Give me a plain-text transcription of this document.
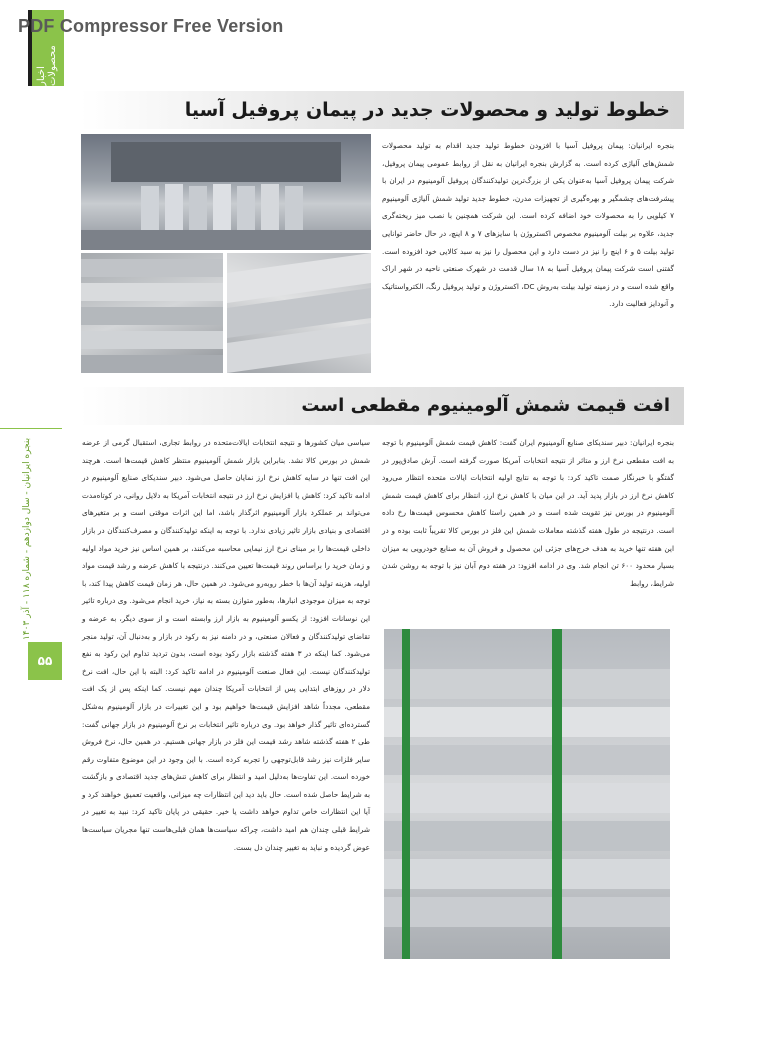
PDF Compressor Free Version
اخبار محصولات
خطوط تولید و محصولات جدید در پیمان پروفیل آسیا
بنجره ایرانیان: پیمان پروفیل آسیا با افزودن خطوط تولید جدید اقدام به تولید محصولات شمش‌های آلیاژی کرده است. به گزارش بنجره ایرانیان به نقل از روابط عمومی پیمان پروفیل، شرکت پیمان پروفیل آسیا به‌عنوان یکی از بزرگ‌ترین تولیدکنندگان پروفیل آلومینیوم در ایران با پیشرفت‌های چشمگیر و بهره‌گیری از تجهیزات مدرن، خطوط جدید تولید شمش آلیاژی آلومینیوم ۷ کیلویی را به محصولات خود اضافه کرده است. این شرکت همچنین با نصب میز ریخته‌گری جدید، علاوه بر بیلت آلومینیوم مخصوص اکستروژن با سایزهای ۷ و ۸ اینچ، در حال حاضر توانایی تولید بیلت ۵ و ۶ اینچ را نیز در دست دارد و این محصول را نیز به سبد کالایی خود افزوده است. گفتنی است شرکت پیمان پروفیل آسیا به ۱۸ سال قدمت در شهرک صنعتی ناحیه در شهر اراک واقع شده است و در زمینه تولید بیلت به‌روش DC، اکستروژن و تولید پروفیل رنگ، الکترواستاتیک و آنودایز فعالیت دارد.
افت قیمت شمش آلومینیوم مقطعی است
بنجره ایرانیان: دبیر سندیکای صنایع آلومینیوم ایران گفت: کاهش قیمت شمش آلومینیوم با توجه به افت مقطعی نرخ ارز و متاثر از نتیجه انتخابات آمریکا صورت گرفته است. آرش صادق‌پور در گفتگو با خبرنگار صمت تاکید کرد: با توجه به نتایج اولیه انتخابات ایالات متحده انتظار می‌رود کاهش نرخ ارز در بازار پدید آید. در این میان با کاهش نرخ ارز، انتظار برای کاهش قیمت شمش آلومینیوم در بورس نیز تقویت شده است و در همین راستا کاهش محسوس قیمت‌ها رخ داده است. درنتیجه در طول هفته گذشته معاملات شمش این فلز در بورس کالا تقریباً ثابت بوده و در این هفته تنها خرید به هدف خرج‌های جزئی این محصول و فروش آن به صنایع خودرویی به میزان بسیار محدود ۶۰۰ تن انجام شد. وی در ادامه افزود: در هفته دوم آبان نیز با توجه به روشن شدن شرایط، روابط
سیاسی میان کشورها و نتیجه انتخابات ایالات‌متحده در روابط تجاری، استقبال گرمی از عرضه شمش در بورس کالا نشد. بنابراین بازار شمش آلومینیوم منتظر کاهش قیمت‌ها است. هرچند این افت تنها در سایه کاهش نرخ ارز نمایان حاصل می‌شود. دبیر سندیکای صنایع آلومینیوم در ادامه تاکید کرد: کاهش یا افزایش نرخ ارز در نتیجه انتخابات آمریکا به دلایل روانی، در کوتاه‌مدت می‌تواند بر عملکرد بازار آلومینیوم اثرگذار باشد، اما این اثرات موقتی است و بر متغیرهای اقتصادی و بنیادی بازار تاثیر زیادی ندارد. با توجه به اینکه تولیدکنندگان و مصرف‌کنندگان در بازار داخلی قیمت‌ها را بر مبنای نرخ ارز نیمایی محاسبه می‌کنند، بر همین اساس نیز خرید مواد اولیه و زمان خرید را براساس روند قیمت‌ها تعیین می‌کنند. درنتیجه با کاهش عرضه و رشد قیمت مواد اولیه، هزینه تولید آن‌ها با خطر روبه‌رو می‌شود. در همین حال، هر زمان قیمت کاهش پیدا کند، با توجه به میزان موجودی انبارها، به‌طور متوازن بسته به نیاز، خرید انجام می‌شود. وی درباره تاثیر این نوسانات افزود: از یکسو آلومینیوم به بازار ارز وابسته است و از سوی دیگر، به عرضه و تقاضای تولیدکنندگان و فعالان صنعتی، و در دامنه نیز به رکود در بازار و به‌دنبال آن، تولید منجر می‌شود. کما اینکه در ۳ هفته گذشته بازار رکود بوده است، بدون تردید تداوم این رکود به نفع تولیدکنندگان نیست. این فعال صنعت آلومینیوم در ادامه تاکید کرد: البته با این حال، افت نرخ دلار در روزهای ابتدایی پس از انتخابات آمریکا چندان مهم نیست. کما اینکه پس از یک افت مقطعی، مجدداً شاهد افزایش قیمت‌ها خواهیم بود و این تغییرات در بازار آلومینیوم به‌شکل گسترده‌ای تاثیر گذار خواهد بود. وی درباره تاثیر انتخابات بر نرخ آلومینیوم در بازار جهانی گفت: طی ۲ هفته گذشته شاهد رشد قیمت این فلز در بازار جهانی هستیم. در همین حال، نرخ فروش سایر فلزات نیز رشد قابل‌توجهی را تجربه کرده است. با این وجود در این موضوع متفاوت رقم خورده است. این تفاوت‌ها به‌دلیل امید و انتظار برای کاهش تنش‌های جدید اقتصادی و بازگشت به شرایط حاصل شده است. حال باید دید این انتظارات چه میزانی، واقعیت تعمیق خواهند کرد و آیا این انتظارات خاص تداوم خواهد داشت یا خیر. حقیقی در پایان تاکید کرد: نبید به تغییر در شرایط قبلی چندان هم امید داشت، چراکه سیاست‌ها همان قبلی‌هاست تنها مجریان سیاست‌ها عوض گردیده و نباید به تغییر چندان دل بست.
بنجره ایرانیان - سال دوازدهم - شماره ۱۱۸ - آذر ۱۴۰۳
۵۵
